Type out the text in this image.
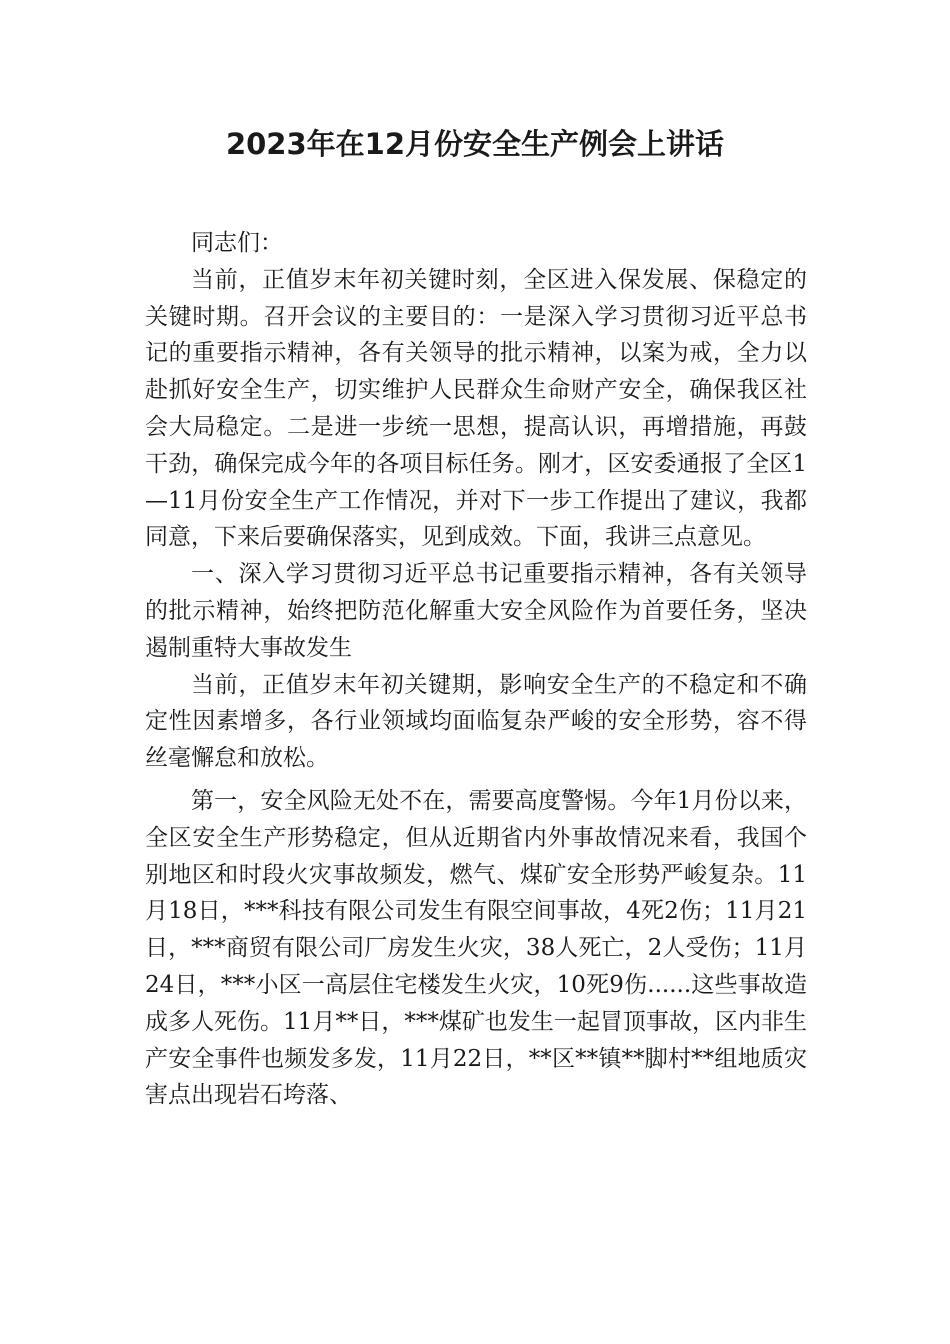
2023年在12月份安全生产例会上讲话

同志们：

当前，正值岁末年初关键时刻，全区进入保发展、保稳定的关键时期。召开会议的主要目的：一是深入学习贯彻习近平总书记的重要指示精神，各有关领导的批示精神，以案为戒，全力以赴抓好安全生产，切实维护人民群众生命财产安全，确保我区社会大局稳定。二是进一步统一思想，提高认识，再增措施，再鼓干劲，确保完成今年的各项目标任务。刚才，区安委通报了全区1—11月份安全生产工作情况，并对下一步工作提出了建议，我都同意，下来后要确保落实，见到成效。下面，我讲三点意见。

一、深入学习贯彻习近平总书记重要指示精神，各有关领导的批示精神，始终把防范化解重大安全风险作为首要任务，坚决遏制重特大事故发生

当前，正值岁末年初关键期，影响安全生产的不稳定和不确定性因素增多，各行业领域均面临复杂严峻的安全形势，容不得丝毫懈怠和放松。

第一，安全风险无处不在，需要高度警惕。今年1月份以来，全区安全生产形势稳定，但从近期省内外事故情况来看，我国个别地区和时段火灾事故频发，燃气、煤矿安全形势严峻复杂。11月18日，***科技有限公司发生有限空间事故，4死2伤；11月21日，***商贸有限公司厂房发生火灾，38人死亡，2人受伤；11月24日，***小区一高层住宅楼发生火灾，10死9伤......这些事故造成多人死伤。11月**日，***煤矿也发生一起冒顶事故，区内非生产安全事件也频发多发，11月22日，**区**镇**脚村**组地质灾害点出现岩石垮落、
